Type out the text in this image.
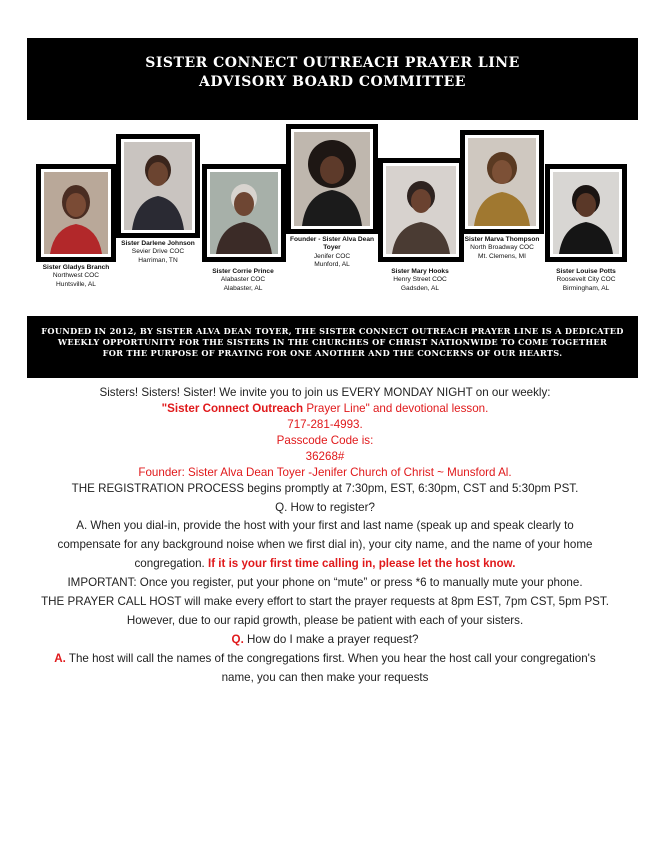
SISTER CONNECT OUTREACH PRAYER LINE
ADVISORY BOARD COMMITTEE
Sister Gladys Branch
Northwest COC
Huntsville, AL
Sister Darlene Johnson
Sevier Drive COC
Harriman, TN
Sister Corrie Prince
Alabaster COC
Alabaster, AL
Founder - Sister Alva Dean Toyer
Jenifer COC
Munford, AL
Sister Mary Hooks
Henry Street COC
Gadsden, AL
Sister Marva Thompson
North Broadway COC
Mt. Clemens, MI
Sister Louise Potts
Roosevelt City COC
Birmingham, AL
FOUNDED IN 2012, BY SISTER ALVA DEAN TOYER, THE SISTER CONNECT OUTREACH PRAYER LINE IS A DEDICATED
WEEKLY OPPORTUNITY FOR THE SISTERS IN THE CHURCHES OF CHRIST NATIONWIDE TO COME TOGETHER
FOR THE PURPOSE OF PRAYING FOR ONE ANOTHER AND THE CONCERNS OF OUR HEARTS.
Sisters! Sisters! Sister! We invite you to join us EVERY MONDAY NIGHT on our weekly:
"Sister Connect Outreach Prayer Line" and devotional lesson.
717-281-4993.
Passcode Code is:
36268#
Founder: Sister Alva Dean Toyer -Jenifer Church of Christ ~ Munsford Al.
THE REGISTRATION PROCESS begins promptly at 7:30pm, EST, 6:30pm, CST and 5:30pm PST.
Q. How to register?
A. When you dial-in, provide the host with your first and last name (speak up and speak clearly to
compensate for any background noise when we first dial in), your city name, and the name of your home
congregation. If it is your first time calling in, please let the host know.
IMPORTANT: Once you register, put your phone on “mute” or press *6 to manually mute your phone.
THE PRAYER CALL HOST will make every effort to start the prayer requests at 8pm EST, 7pm CST, 5pm PST.
However, due to our rapid growth, please be patient with each of your sisters.
Q. How do I make a prayer request?
A. The host will call the names of the congregations first. When you hear the host call your congregation's
name, you can then make your requests
